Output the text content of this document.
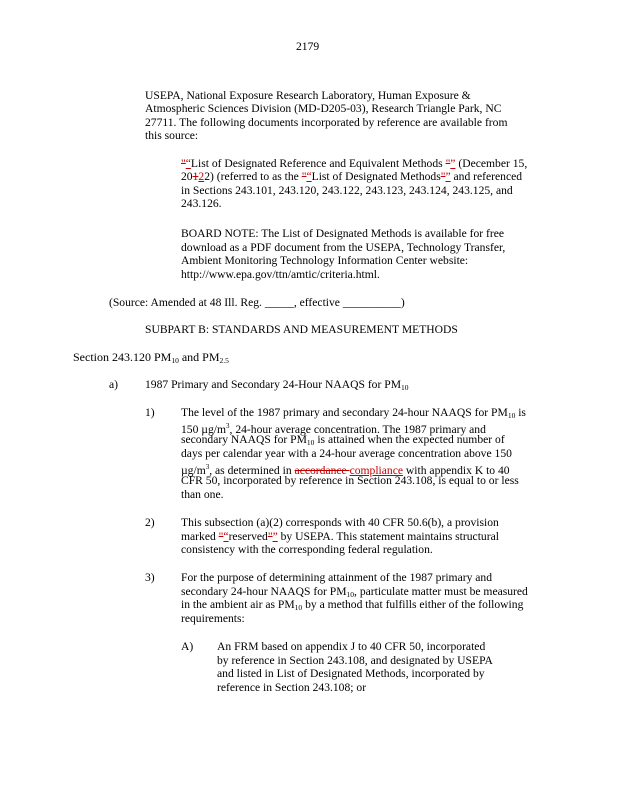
2179
USEPA, National Exposure Research Laboratory, Human Exposure &
Atmospheric Sciences Division (MD-D205-03), Research Triangle Park, NC
27711. The following documents incorporated by reference are available from
this source:
"“List of Designated Reference and Equivalent Methods "” (December 15,
20122) (referred to as the "“List of Designated Methods"” and referenced
in Sections 243.101, 243.120, 243.122, 243.123, 243.124, 243.125, and
243.126.
BOARD NOTE: The List of Designated Methods is available for free
download as a PDF document from the USEPA, Technology Transfer,
Ambient Monitoring Technology Information Center website:
http://www.epa.gov/ttn/amtic/criteria.html.
(Source: Amended at 48 Ill. Reg. _____, effective __________)
SUBPART B: STANDARDS AND MEASUREMENT METHODS
Section 243.120 $PM_{10}$ and $PM_{2.5}$
a) 1987 Primary and Secondary 24-Hour NAAQS for $PM_{10}$
1) The level of the 1987 primary and secondary 24-hour NAAQS for $PM_{10}$ is
150 $\mu g/m^3$, 24-hour average concentration. The 1987 primary and
secondary NAAQS for $PM_{10}$ is attained when the expected number of
days per calendar year with a 24-hour average concentration above 150
$\mu g/m^3$, as determined in accordance compliance with appendix K to 40
CFR 50, incorporated by reference in Section 243.108, is equal to or less
than one.
2) This subsection (a)(2) corresponds with 40 CFR 50.6(b), a provision
marked "“reserved"” by USEPA. This statement maintains structural
consistency with the corresponding federal regulation.
3) For the purpose of determining attainment of the 1987 primary and
secondary 24-hour NAAQS for $PM_{10}$, particulate matter must be measured
in the ambient air as $PM_{10}$ by a method that fulfills either of the following
requirements:
A) An FRM based on appendix J to 40 CFR 50, incorporated
by reference in Section 243.108, and designated by USEPA
and listed in List of Designated Methods, incorporated by
reference in Section 243.108; or
